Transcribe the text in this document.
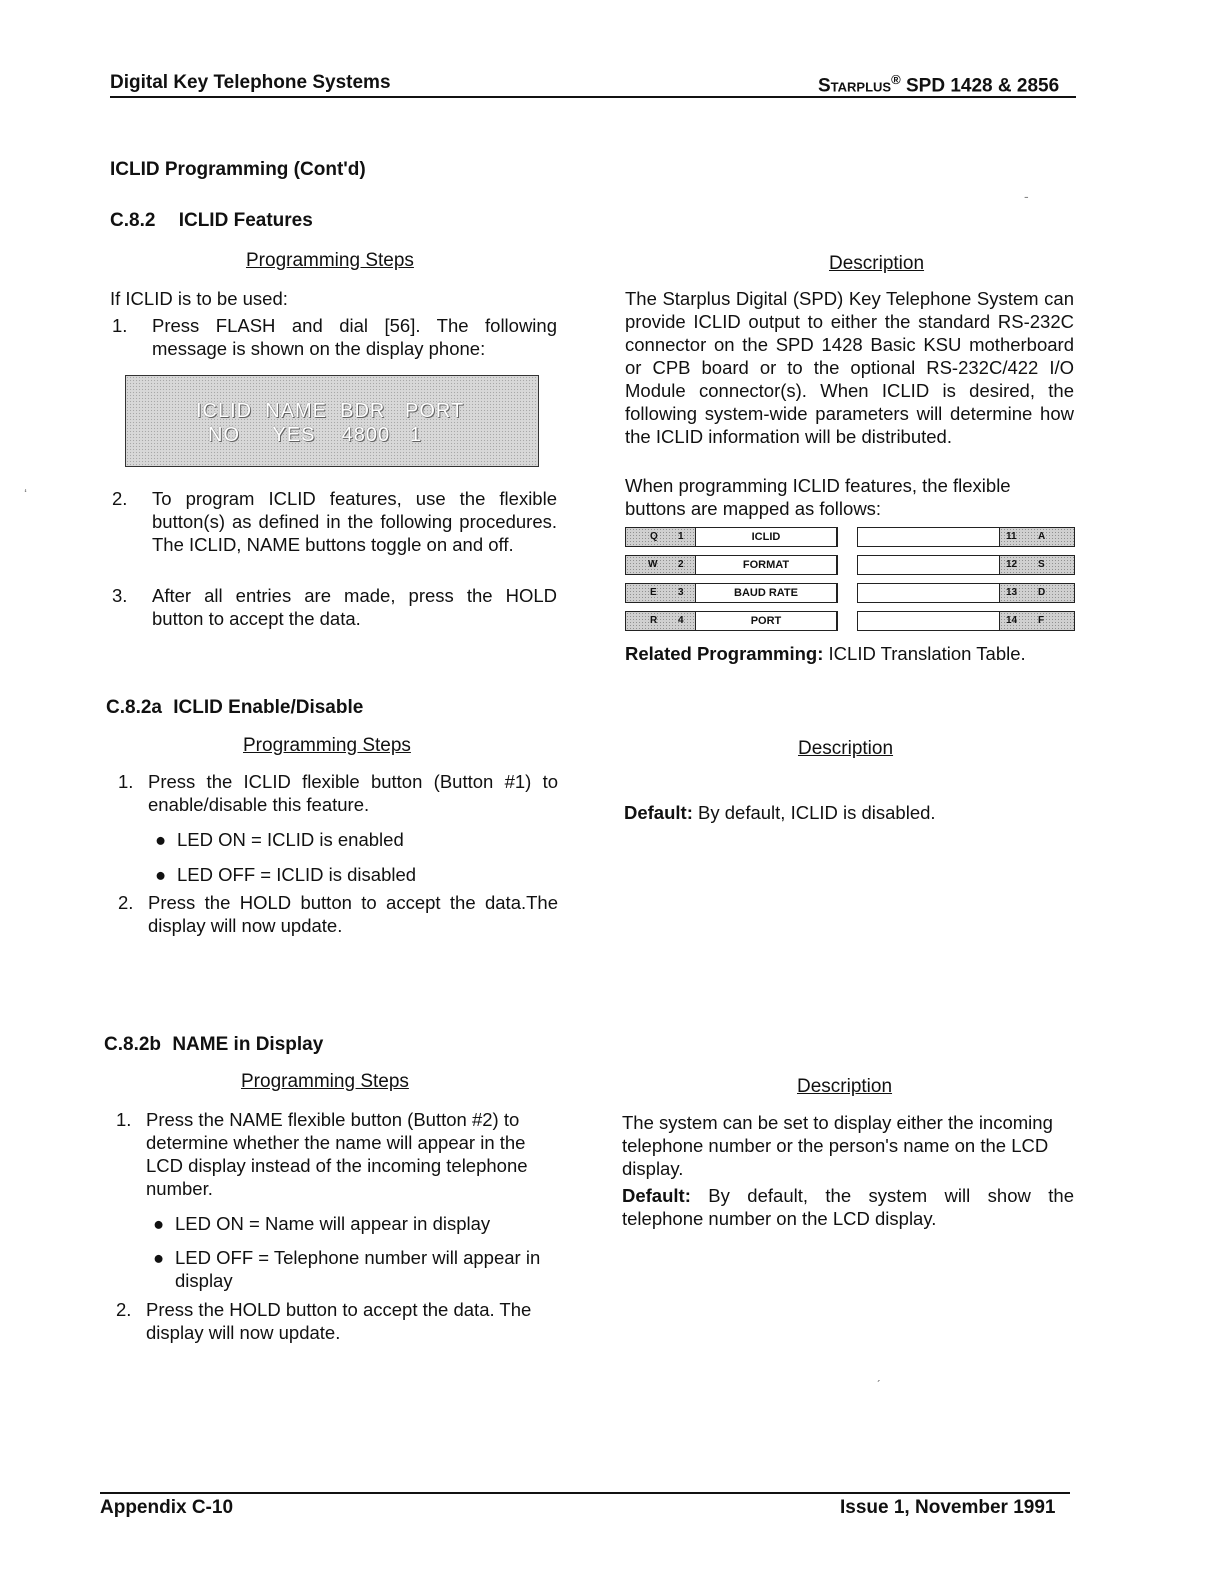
Digital Key Telephone Systems	Starplus® SPD 1428 & 2856
ICLID Programming (Cont'd)
C.8.2 ICLID Features
Programming Steps	Description
If ICLID is to be used:
1. Press FLASH and dial [56]. The following message is shown on the display phone:
ICLID  NAME  BDR   PORT
NO     YES    4800   1
2. To program ICLID features, use the flexible button(s) as defined in the following procedures. The ICLID, NAME buttons toggle on and off.
3. After all entries are made, press the HOLD button to accept the data.
The Starplus Digital (SPD) Key Telephone System can provide ICLID output to either the standard RS-232C connector on the SPD 1428 Basic KSU motherboard or CPB board or to the optional RS-232C/422 I/O Module connector(s). When ICLID is desired, the following system-wide parameters will determine how the ICLID information will be distributed.
When programming ICLID features, the flexible buttons are mapped as follows:
Q 1	ICLID	11 A
W 2	FORMAT	12 S
E 3	BAUD RATE	13 D
R 4	PORT	14 F
Related Programming: ICLID Translation Table.
C.8.2a ICLID Enable/Disable
Programming Steps	Description
1. Press the ICLID flexible button (Button #1) to enable/disable this feature.
● LED ON = ICLID is enabled
● LED OFF = ICLID is disabled
2. Press the HOLD button to accept the data.The display will now update.
Default: By default, ICLID is disabled.
C.8.2b NAME in Display
Programming Steps	Description
1. Press the NAME flexible button (Button #2) to determine whether the name will appear in the LCD display instead of the incoming telephone number.
● LED ON = Name will appear in display
● LED OFF = Telephone number will appear in display
2. Press the HOLD button to accept the data. The display will now update.
The system can be set to display either the incoming telephone number or the person's name on the LCD display.
Default: By default, the system will show the telephone number on the LCD display.
Appendix C-10	Issue 1, November 1991
ʻ
-
ˏ
